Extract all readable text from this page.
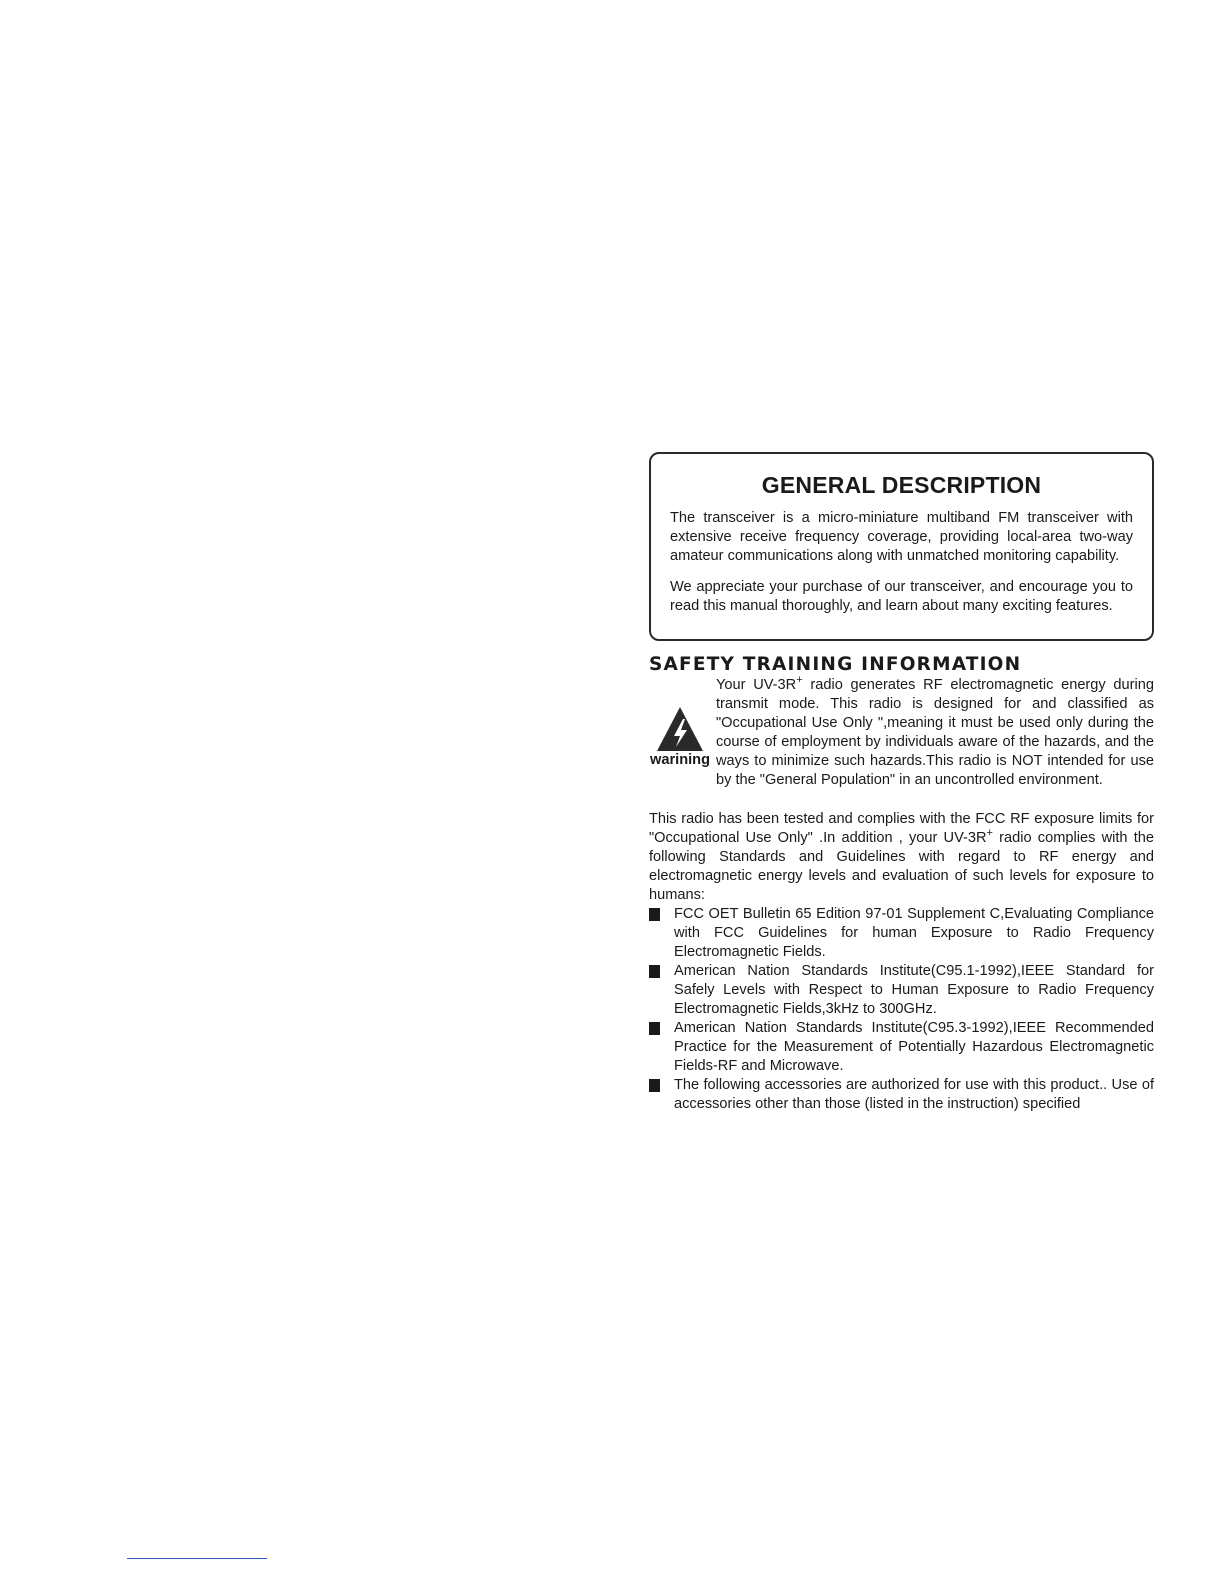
GENERAL DESCRIPTION

The transceiver is a micro-miniature multiband FM transceiver with extensive receive frequency coverage, providing local-area two-way amateur communications along with unmatched monitoring capability.

We appreciate your purchase of our transceiver, and encourage you to read this manual thoroughly, and learn about many exciting features.

SAFETY TRAINING INFORMATION
warining
Your UV-3R+ radio generates RF electromagnetic energy during transmit mode. This radio is designed for and classified as "Occupational Use Only ",meaning it must be used only during the course of employment by individuals aware of the hazards, and the ways to minimize such hazards.This radio is NOT intended for use by the "General Population" in an uncontrolled environment.

This radio has been tested and complies with the FCC RF exposure limits for "Occupational Use Only" .In addition , your UV-3R+ radio complies with the following Standards and Guidelines with regard to RF energy and electromagnetic energy levels and evaluation of such levels for exposure to humans:

FCC OET Bulletin 65 Edition 97-01 Supplement C,Evaluating Compliance with FCC Guidelines for human Exposure to Radio Frequency Electromagnetic Fields.
American Nation Standards Institute(C95.1-1992),IEEE Standard for Safely Levels with Respect to Human Exposure to Radio Frequency Electromagnetic Fields,3kHz to 300GHz.
American Nation Standards Institute(C95.3-1992),IEEE Recommended Practice for the Measurement of Potentially Hazardous Electromagnetic Fields-RF and Microwave.
The following accessories are authorized for use with this product.. Use of accessories other than those (listed in the instruction) specified
